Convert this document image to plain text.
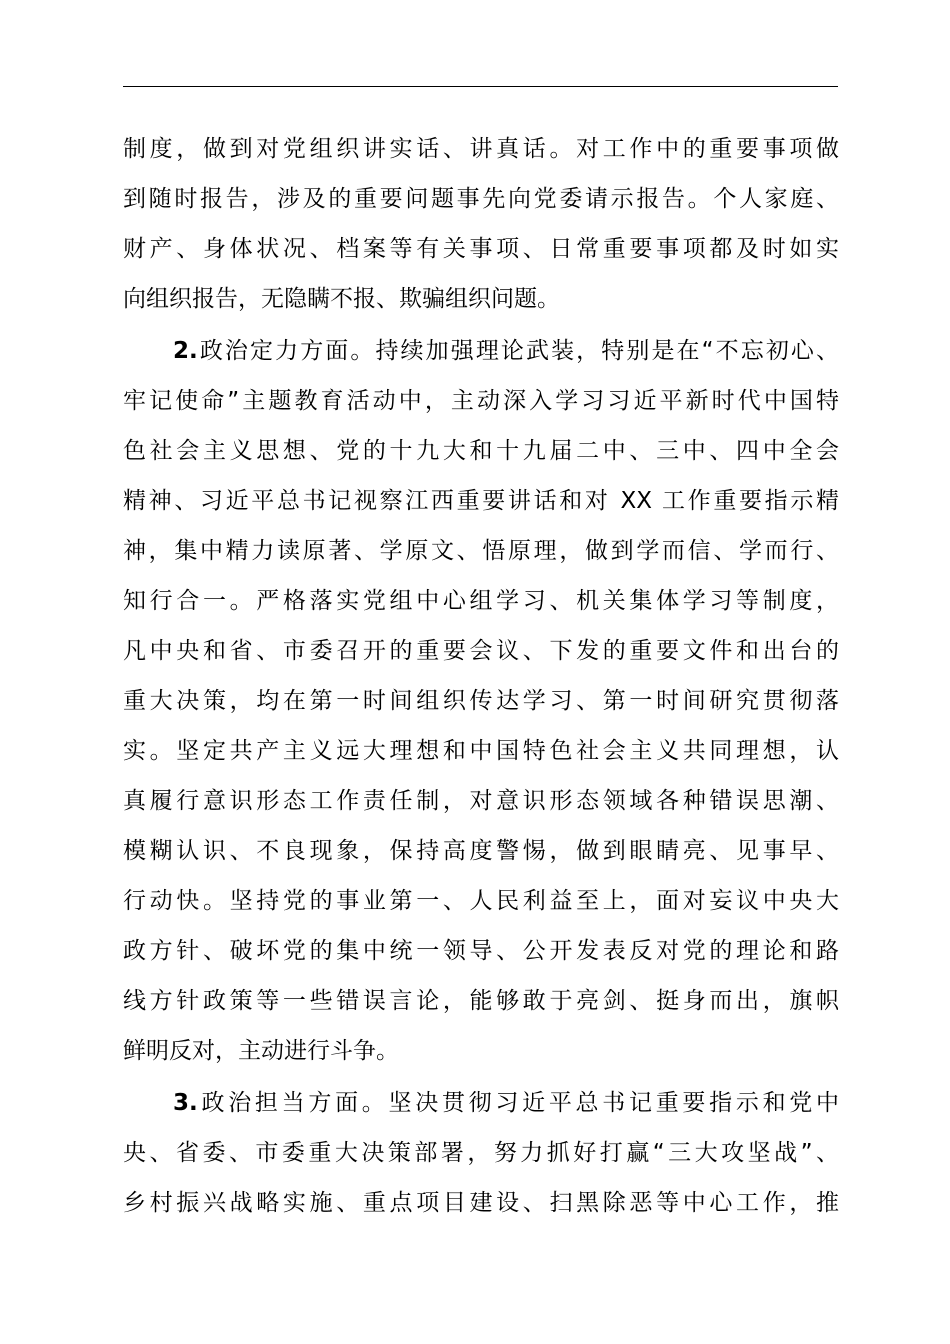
制度，做到对党组织讲实话、讲真话。对工作中的重要事项做
到随时报告，涉及的重要问题事先向党委请示报告。个人家庭、
财产、身体状况、档案等有关事项、日常重要事项都及时如实
向组织报告，无隐瞒不报、欺骗组织问题。
2.政治定力方面。持续加强理论武装，特别是在“不忘初心、
牢记使命”主题教育活动中，主动深入学习习近平新时代中国特
色社会主义思想、党的十九大和十九届二中、三中、四中全会
精神、习近平总书记视察江西重要讲话和对 XX 工作重要指示精
神，集中精力读原著、学原文、悟原理，做到学而信、学而行、
知行合一。严格落实党组中心组学习、机关集体学习等制度，
凡中央和省、市委召开的重要会议、下发的重要文件和出台的
重大决策，均在第一时间组织传达学习、第一时间研究贯彻落
实。坚定共产主义远大理想和中国特色社会主义共同理想，认
真履行意识形态工作责任制，对意识形态领域各种错误思潮、
模糊认识、不良现象，保持高度警惕，做到眼睛亮、见事早、
行动快。坚持党的事业第一、人民利益至上，面对妄议中央大
政方针、破坏党的集中统一领导、公开发表反对党的理论和路
线方针政策等一些错误言论，能够敢于亮剑、挺身而出，旗帜
鲜明反对，主动进行斗争。
3.政治担当方面。坚决贯彻习近平总书记重要指示和党中
央、省委、市委重大决策部署，努力抓好打赢“三大攻坚战”、
乡村振兴战略实施、重点项目建设、扫黑除恶等中心工作，推
